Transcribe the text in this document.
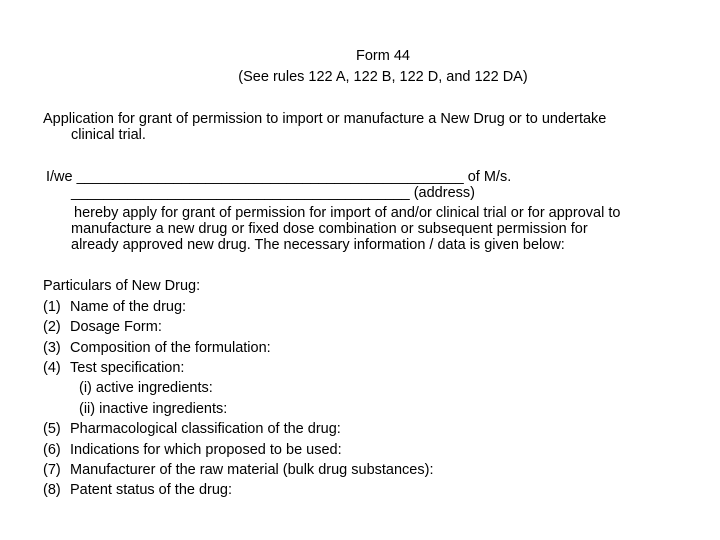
Form 44
(See rules 122 A, 122 B, 122 D, and 122 DA)
Application for grant of permission to import or manufacture a New Drug or to undertake
clinical trial.
I/we ________________________________________________ of M/s.
__________________________________________ (address)
hereby apply for grant of permission for import of and/or clinical trial or for approval to
manufacture a new drug or fixed dose combination or subsequent permission for
already approved new drug. The necessary information / data is given below:
Particulars of New Drug:
(1) Name of the drug:
(2) Dosage Form:
(3) Composition of the formulation:
(4) Test specification:
(i) active ingredients:
(ii) inactive ingredients:
(5) Pharmacological classification of the drug:
(6) Indications for which proposed to be used:
(7) Manufacturer of the raw material (bulk drug substances):
(8) Patent status of the drug:
